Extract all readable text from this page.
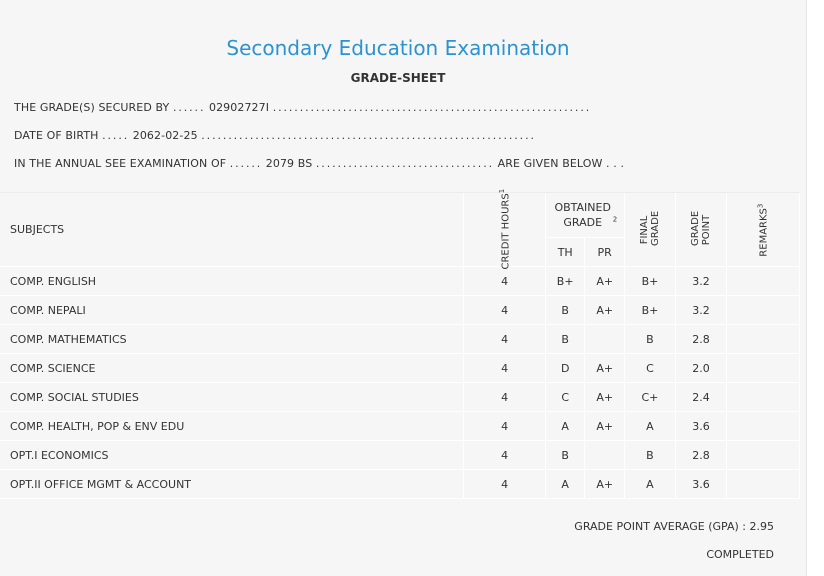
Secondary Education Examination
GRADE-SHEET
THE GRADE(S) SECURED BY ...... 02902727I ...........................................................
DATE OF BIRTH ..... 2062-02-25 ..............................................................
IN THE ANNUAL SEE EXAMINATION OF ...... 2079 BS ................................. ARE GIVEN BELOW . . .
SUBJECTS	CREDIT HOURS$^1$	OBTAINED GRADE $^2$		FINAL GRADE	GRADE POINT	REMARKS$^3$
		TH	PR			
COMP. ENGLISH	4	B+	A+	B+	3.2	
COMP. NEPALI	4	B	A+	B+	3.2	
COMP. MATHEMATICS	4	B		B	2.8	
COMP. SCIENCE	4	D	A+	C	2.0	
COMP. SOCIAL STUDIES	4	C	A+	C+	2.4	
COMP. HEALTH, POP & ENV EDU	4	A	A+	A	3.6	
OPT.I ECONOMICS	4	B		B	2.8	
OPT.II OFFICE MGMT & ACCOUNT	4	A	A+	A	3.6	
GRADE POINT AVERAGE (GPA) : 2.95
COMPLETED
